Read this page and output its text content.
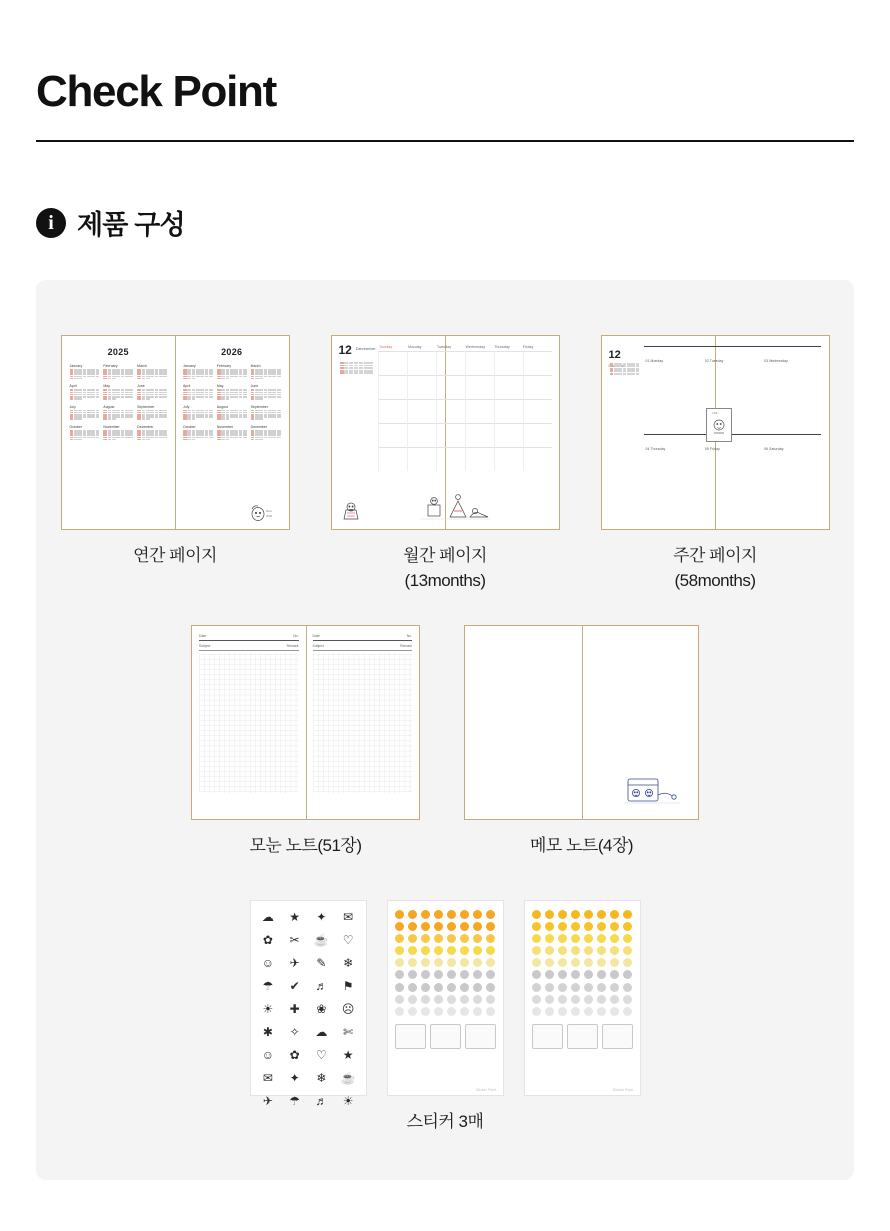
Check Point
i 제품 구성
2025
January	February	March
April	May	June
July	August	September
October	November	December
2026
January	February	March
April	May	June
July	August	September
October	November	December
Dear
2026
연간 페이지
12 December Sunday	Monday	Tuesday	Wednesday	Thursday	Friday
월간 페이지
(13months)
12	01 Monday	02 Tuesday	03 Wednesday
04 Thursday	05 Friday	06 Saturday
13m /
주간 페이지
(58months)
Date	No.
Subject	Remark
Date	No.
Subject	Remark
모눈 노트(51장)	메모 노트(4장)
☁	★	✦	✉
✿	✂	☕	♡
☺	✈	✎	❄
☂	✔	♬	⚑
☀	✚	❀	☹
✱	✧	☁	✄
☺	✿	♡	★
✉	✦	❄	☕
✈	☂	♬	☀
Sticker Point	Sticker Point
스티커 3매
